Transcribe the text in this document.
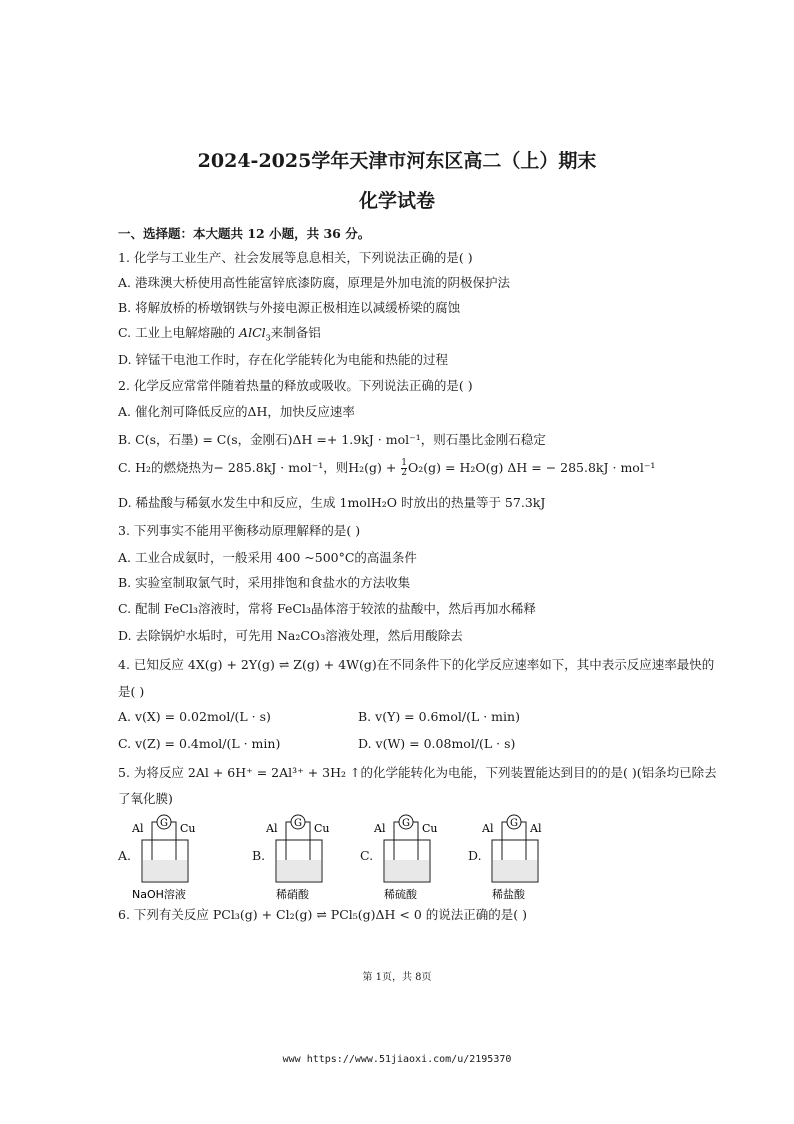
2024-2025学年天津市河东区高二（上）期末
化学试卷
一、选择题：本大题共 12 小题，共 36 分。
1. 化学与工业生产、社会发展等息息相关，下列说法正确的是( )
A. 港珠澳大桥使用高性能富锌底漆防腐，原理是外加电流的阴极保护法
B. 将解放桥的桥墩钢铁与外接电源正极相连以减缓桥梁的腐蚀
C. 工业上电解熔融的 AlCl$_3$来制备铝
D. 锌锰干电池工作时，存在化学能转化为电能和热能的过程
2. 化学反应常常伴随着热量的释放或吸收。下列说法正确的是( )
A. 催化剂可降低反应的ΔH，加快反应速率
B. C(s，石墨) = C(s，金刚石)ΔH =+ 1.9kJ · mol⁻¹，则石墨比金刚石稳定
C. H₂的燃烧热为− 285.8kJ · mol⁻¹，则$H_2(g) + \frac{1}{2} O_2(g) = H_2O(g) \Delta H$ = − 285.8kJ · mol⁻¹
D. 稀盐酸与稀氨水发生中和反应，生成 1molH₂O 时放出的热量等于 57.3kJ
3. 下列事实不能用平衡移动原理解释的是( )
A. 工业合成氨时，一般采用 400 ~500°C的高温条件
B. 实验室制取氯气时，采用排饱和食盐水的方法收集
C. 配制 FeCl₃溶液时，常将 FeCl₃晶体溶于较浓的盐酸中，然后再加水稀释
D. 去除锅炉水垢时，可先用 Na₂CO₃溶液处理，然后用酸除去
4. 已知反应 4X(g) + 2Y(g) ⇌ Z(g) + 4W(g)在不同条件下的化学反应速率如下，其中表示反应速率最快的
是( )
A. v(X) = 0.02mol/(L · s)	B. v(Y) = 0.6mol/(L · min)
C. v(Z) = 0.4mol/(L · min)	D. v(W) = 0.08mol/(L · s)
5. 为将反应 2Al + 6H⁺ = 2Al³⁺ + 3H₂ ↑的化学能转化为电能，下列装置能达到目的的是( )(铝条均已除去
了氧化膜)
A.
Al	Cu
G
NaOH溶液
B.
Al	Cu
G
稀硝酸
C.
Al	Cu
G
稀硫酸
D.
Al	Al
G
稀盐酸
6. 下列有关反应 PCl₃(g) + Cl₂(g) ⇌ PCl₅(g)ΔH < 0 的说法正确的是( )
第 1页，共 8页
www https://www.51jiaoxi.com/u/2195370
